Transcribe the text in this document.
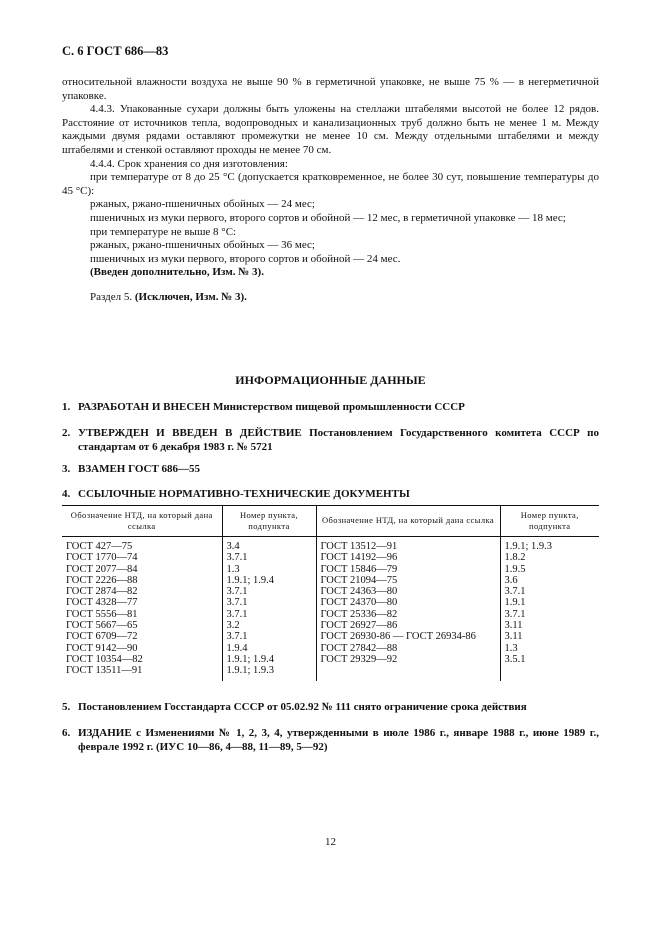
С. 6 ГОСТ 686—83

относительной влажности воздуха не выше 90 % в герметичной упаковке, не выше 75 % — в негерметичной упаковке.

4.4.3. Упакованные сухари должны быть уложены на стеллажи штабелями высотой не более 12 рядов. Расстояние от источников тепла, водопроводных и канализационных труб должно быть не менее 1 м. Между каждыми двумя рядами оставляют промежутки не менее 10 см. Между отдельными штабелями и между штабелями и стенкой оставляют проходы не менее 70 см.

4.4.4. Срок хранения со дня изготовления:

при температуре от 8 до 25 °С (допускается кратковременное, не более 30 сут, повышение температуры до 45 °С):

ржаных, ржано-пшеничных обойных — 24 мес;

пшеничных из муки первого, второго сортов и обойной — 12 мес, в герметичной упаковке — 18 мес;

при температуре не выше 8 °С:

ржаных, ржано-пшеничных обойных — 36 мес;

пшеничных из муки первого, второго сортов и обойной — 24 мес.

(Введен дополнительно, Изм. № 3).

Раздел 5. (Исключен, Изм. № 3).

ИНФОРМАЦИОННЫЕ ДАННЫЕ
1. РАЗРАБОТАН И ВНЕСЕН Министерством пищевой промышленности СССР
2. УТВЕРЖДЕН И ВВЕДЕН В ДЕЙСТВИЕ Постановлением Государственного комитета СССР по стандартам от 6 декабря 1983 г. № 5721
3. ВЗАМЕН ГОСТ 686—55
4. ССЫЛОЧНЫЕ НОРМАТИВНО-ТЕХНИЧЕСКИЕ ДОКУМЕНТЫ
Обозначение НТД, на который дана ссылка	Номер пункта, подпункта	Обозначение НТД, на который дана ссылка	Номер пункта, подпункта
ГОСТ 427—75	3.4	ГОСТ 13512—91	1.9.1; 1.9.3
ГОСТ 1770—74	3.7.1	ГОСТ 14192—96	1.8.2
ГОСТ 2077—84	1.3	ГОСТ 15846—79	1.9.5
ГОСТ 2226—88	1.9.1; 1.9.4	ГОСТ 21094—75	3.6
ГОСТ 2874—82	3.7.1	ГОСТ 24363—80	3.7.1
ГОСТ 4328—77	3.7.1	ГОСТ 24370—80	1.9.1
ГОСТ 5556—81	3.7.1	ГОСТ 25336—82	3.7.1
ГОСТ 5667—65	3.2	ГОСТ 26927—86	3.11
ГОСТ 6709—72	3.7.1	ГОСТ 26930-86 — ГОСТ 26934-86	3.11
ГОСТ 9142—90	1.9.4	ГОСТ 27842—88	1.3
ГОСТ 10354—82	1.9.1; 1.9.4	ГОСТ 29329—92	3.5.1
ГОСТ 13511—91	1.9.1; 1.9.3		
5. Постановлением Госстандарта СССР от 05.02.92 № 111 снято ограничение срока действия
6. ИЗДАНИЕ с Изменениями № 1, 2, 3, 4, утвержденными в июле 1986 г., январе 1988 г., июне 1989 г., феврале 1992 г. (ИУС 10—86, 4—88, 11—89, 5—92)
12
